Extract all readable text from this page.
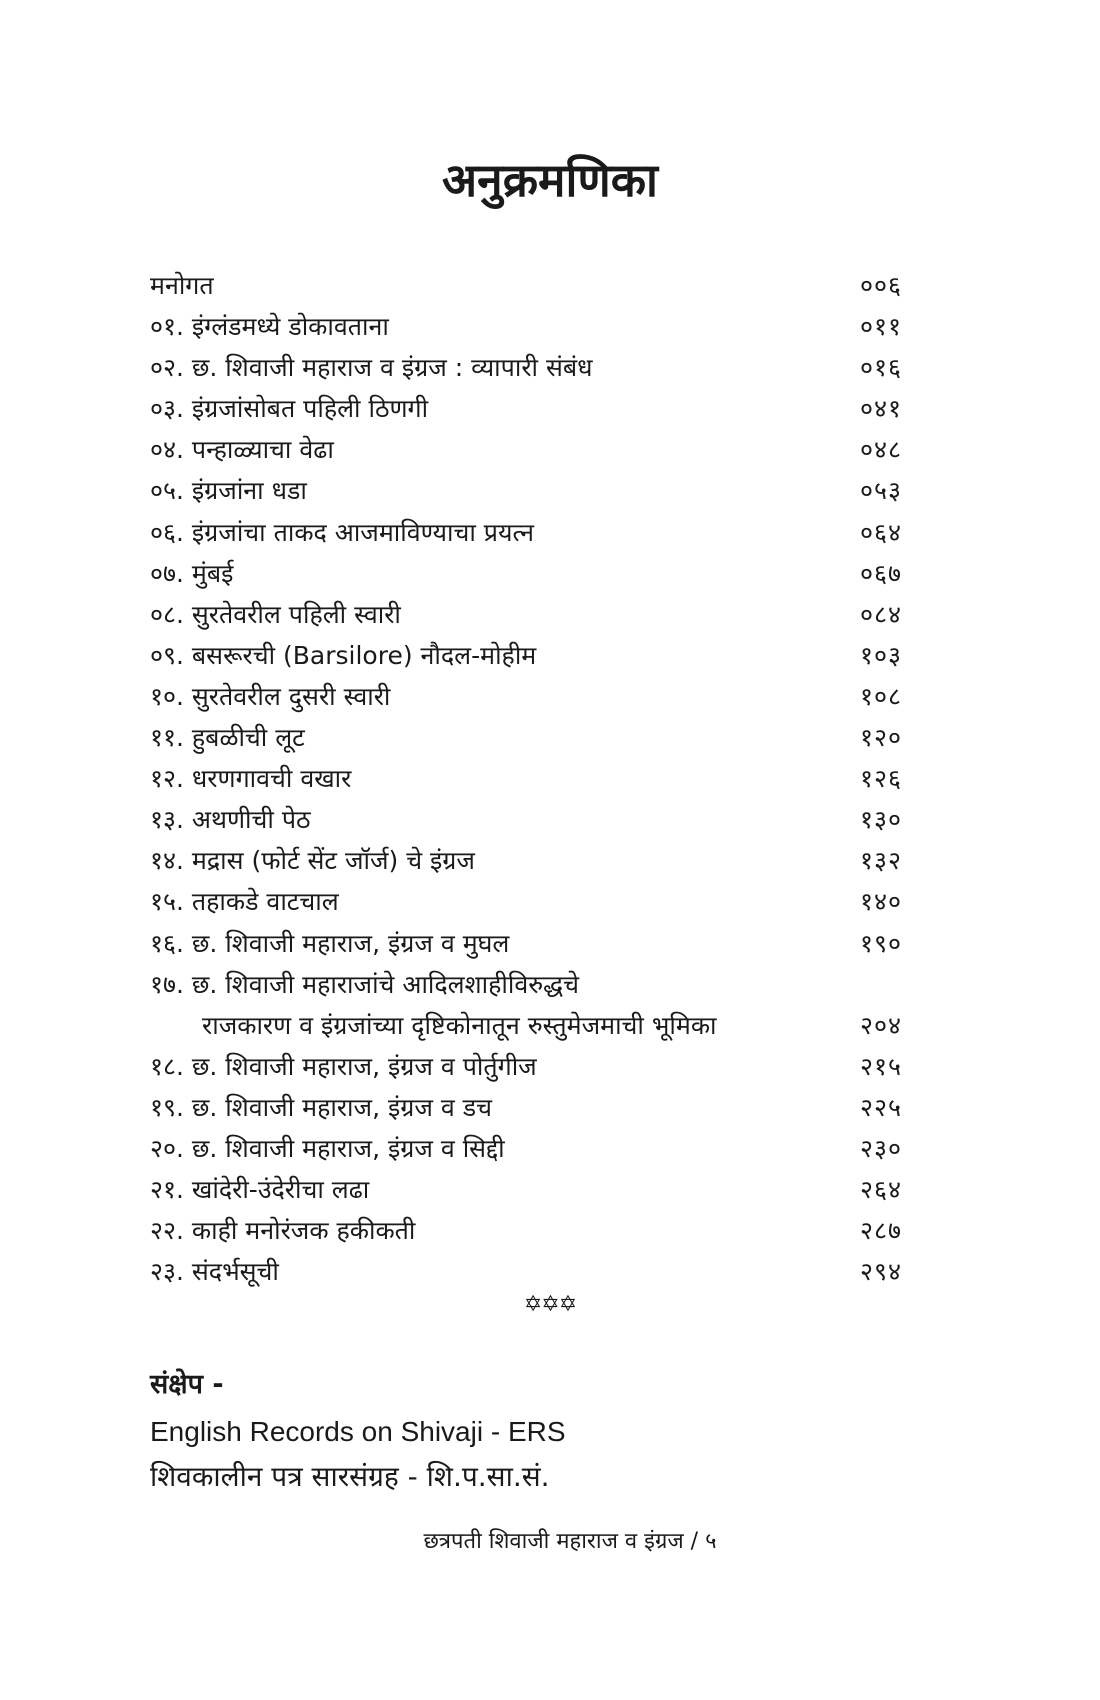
अनुक्रमणिका
मनोगत	००६
०१. इंग्लंडमध्ये डोकावताना	०११
०२. छ. शिवाजी महाराज व इंग्रज : व्यापारी संबंध	०१६
०३. इंग्रजांसोबत पहिली ठिणगी	०४१
०४. पन्हाळ्याचा वेढा	०४८
०५. इंग्रजांना धडा	०५३
०६. इंग्रजांचा ताकद आजमाविण्याचा प्रयत्न	०६४
०७. मुंबई	०६७
०८. सुरतेवरील पहिली स्वारी	०८४
०९. बसरूरची (Barsilore) नौदल-मोहीम	१०३
१०. सुरतेवरील दुसरी स्वारी	१०८
११. हुबळीची लूट	१२०
१२. धरणगावची वखार	१२६
१३. अथणीची पेठ	१३०
१४. मद्रास (फोर्ट सेंट जॉर्ज) चे इंग्रज	१३२
१५. तहाकडे वाटचाल	१४०
१६. छ. शिवाजी महाराज, इंग्रज व मुघल	१९०
१७. छ. शिवाजी महाराजांचे आदिलशाहीविरुद्धचे
राजकारण व इंग्रजांच्या दृष्टिकोनातून रुस्तुमेजमाची भूमिका	२०४
१८. छ. शिवाजी महाराज, इंग्रज व पोर्तुगीज	२१५
१९. छ. शिवाजी महाराज, इंग्रज व डच	२२५
२०. छ. शिवाजी महाराज, इंग्रज व सिद्दी	२३०
२१. खांदेरी-उंदेरीचा लढा	२६४
२२. काही मनोरंजक हकीकती	२८७
२३. संदर्भसूची	२९४
✡✡✡
संक्षेप -
English Records on Shivaji - ERS
शिवकालीन पत्र सारसंग्रह - शि.प.सा.सं.
छत्रपती शिवाजी महाराज व इंग्रज / ५
